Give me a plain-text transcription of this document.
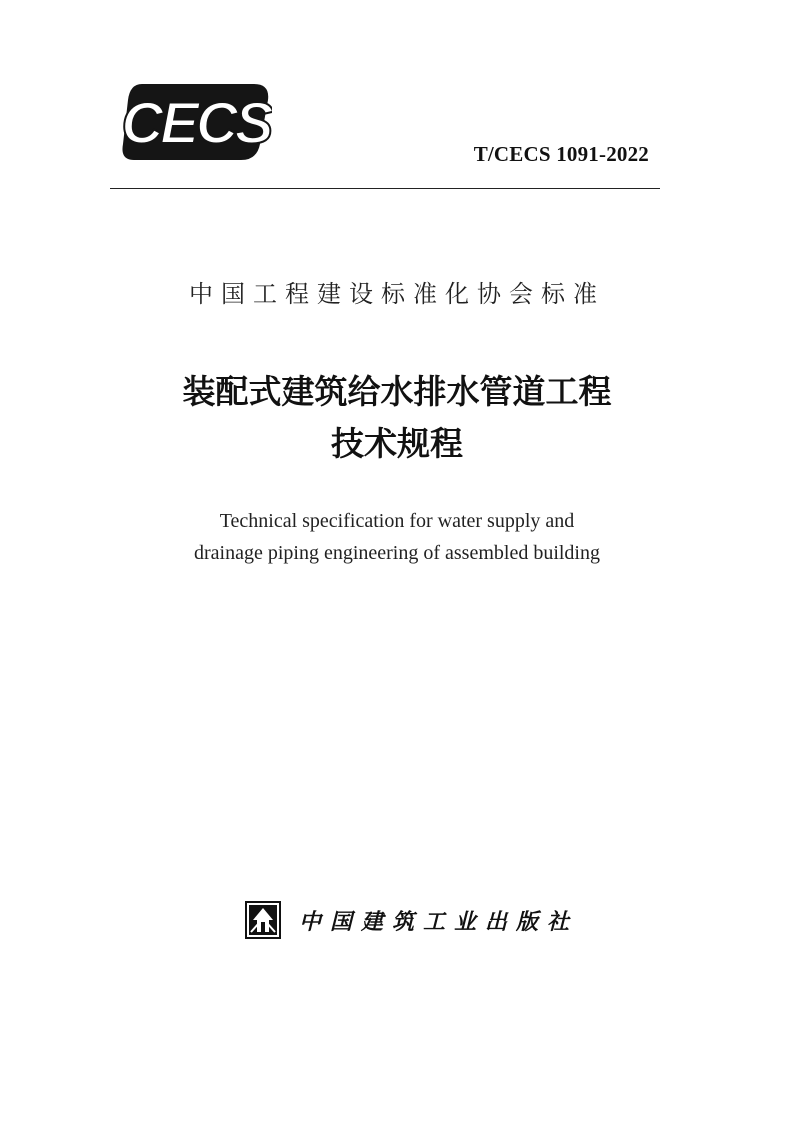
CECS	T/CECS 1091-2022
中国工程建设标准化协会标准
装配式建筑给水排水管道工程
技术规程
Technical specification for water supply and
drainage piping engineering of assembled building
中国建筑工业出版社
